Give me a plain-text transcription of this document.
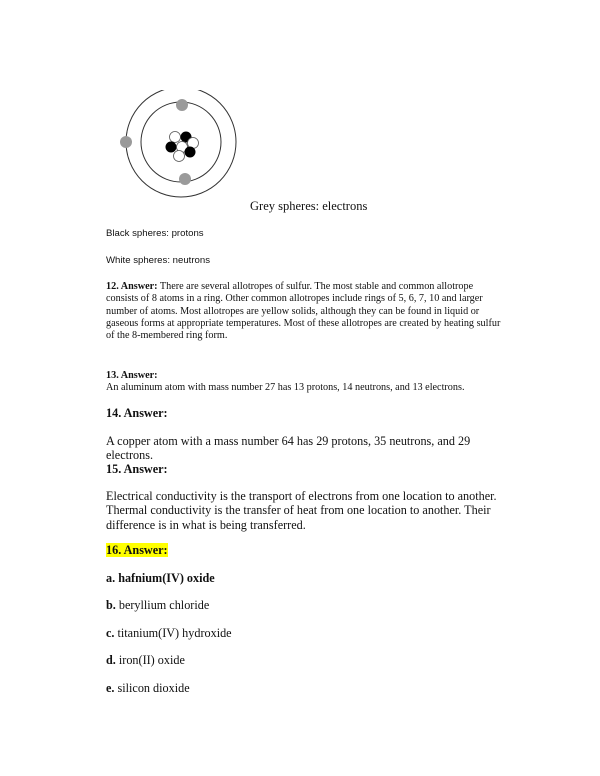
Grey spheres: electrons
Black spheres: protons
White spheres: neutrons
12. Answer: There are several allotropes of sulfur. The most stable and common allotrope consists of 8 atoms in a ring. Other common allotropes include rings of 5, 6, 7, 10 and larger number of atoms. Most allotropes are yellow solids, although they can be found in liquid or gaseous forms at appropriate temperatures. Most of these allotropes are created by heating sulfur of the 8-membered ring form.
13. Answer:
An aluminum atom with mass number 27 has 13 protons, 14 neutrons, and 13 electrons.
14. Answer:
A copper atom with a mass number 64 has 29 protons, 35 neutrons, and 29 electrons.
15. Answer:
Electrical conductivity is the transport of electrons from one location to another. Thermal conductivity is the transfer of heat from one location to another. Their difference is in what is being transferred.
16. Answer:
a. hafnium(IV) oxide
b. beryllium chloride
c. titanium(IV) hydroxide
d. iron(II) oxide
e. silicon dioxide
